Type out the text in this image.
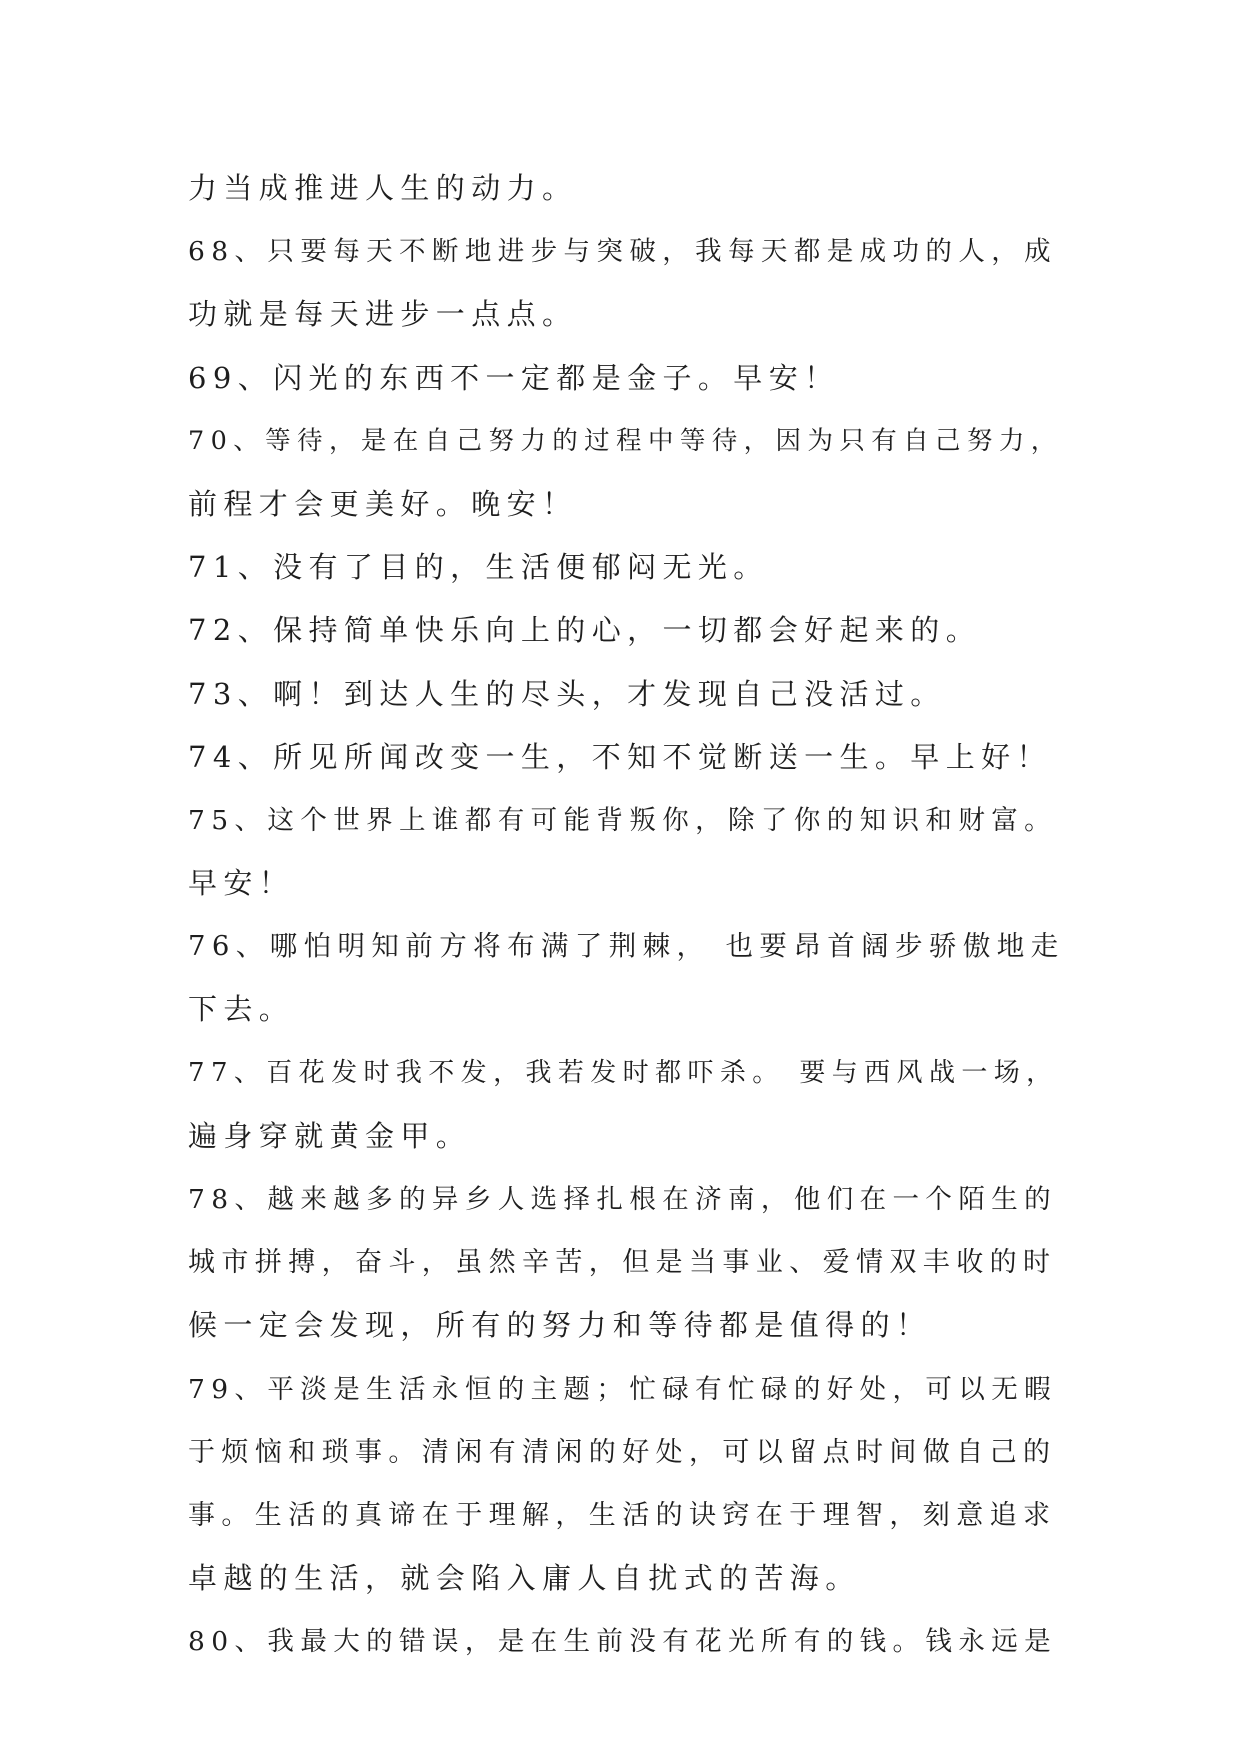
力当成推进人生的动力。
68、只要每天不断地进步与突破，我每天都是成功的人，成
功就是每天进步一点点。
69、闪光的东西不一定都是金子。早安！
70、等待，是在自己努力的过程中等待，因为只有自己努力，
前程才会更美好。晚安！
71、没有了目的，生活便郁闷无光。
72、保持简单快乐向上的心，一切都会好起来的。
73、啊！到达人生的尽头，才发现自己没活过。
74、所见所闻改变一生，不知不觉断送一生。早上好！
75、这个世界上谁都有可能背叛你，除了你的知识和财富。
早安！
76、哪怕明知前方将布满了荆棘， 也要昂首阔步骄傲地走
下去。
77、百花发时我不发，我若发时都吓杀。 要与西风战一场，
遍身穿就黄金甲。
78、越来越多的异乡人选择扎根在济南，他们在一个陌生的
城市拼搏，奋斗，虽然辛苦，但是当事业、爱情双丰收的时
候一定会发现，所有的努力和等待都是值得的！
79、平淡是生活永恒的主题；忙碌有忙碌的好处，可以无暇
于烦恼和琐事。清闲有清闲的好处，可以留点时间做自己的
事。生活的真谛在于理解，生活的诀窍在于理智，刻意追求
卓越的生活，就会陷入庸人自扰式的苦海。
80、我最大的错误，是在生前没有花光所有的钱。钱永远是
